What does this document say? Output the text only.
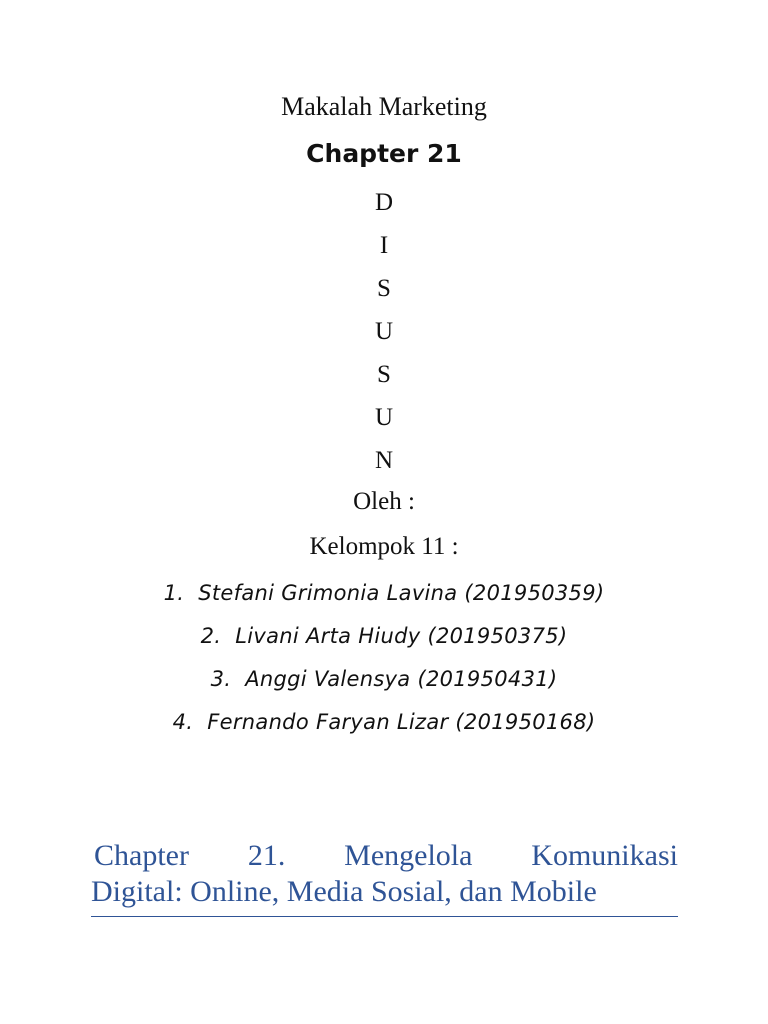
Makalah Marketing
Chapter 21
D
I
S
U
S
U
N
Oleh :
Kelompok 11 :
1. Stefani Grimonia Lavina (201950359)
2. Livani Arta Hiudy (201950375)
3. Anggi Valensya (201950431)
4. Fernando Faryan Lizar (201950168)
Chapter 21. Mengelola Komunikasi
Digital: Online, Media Sosial, dan Mobile
